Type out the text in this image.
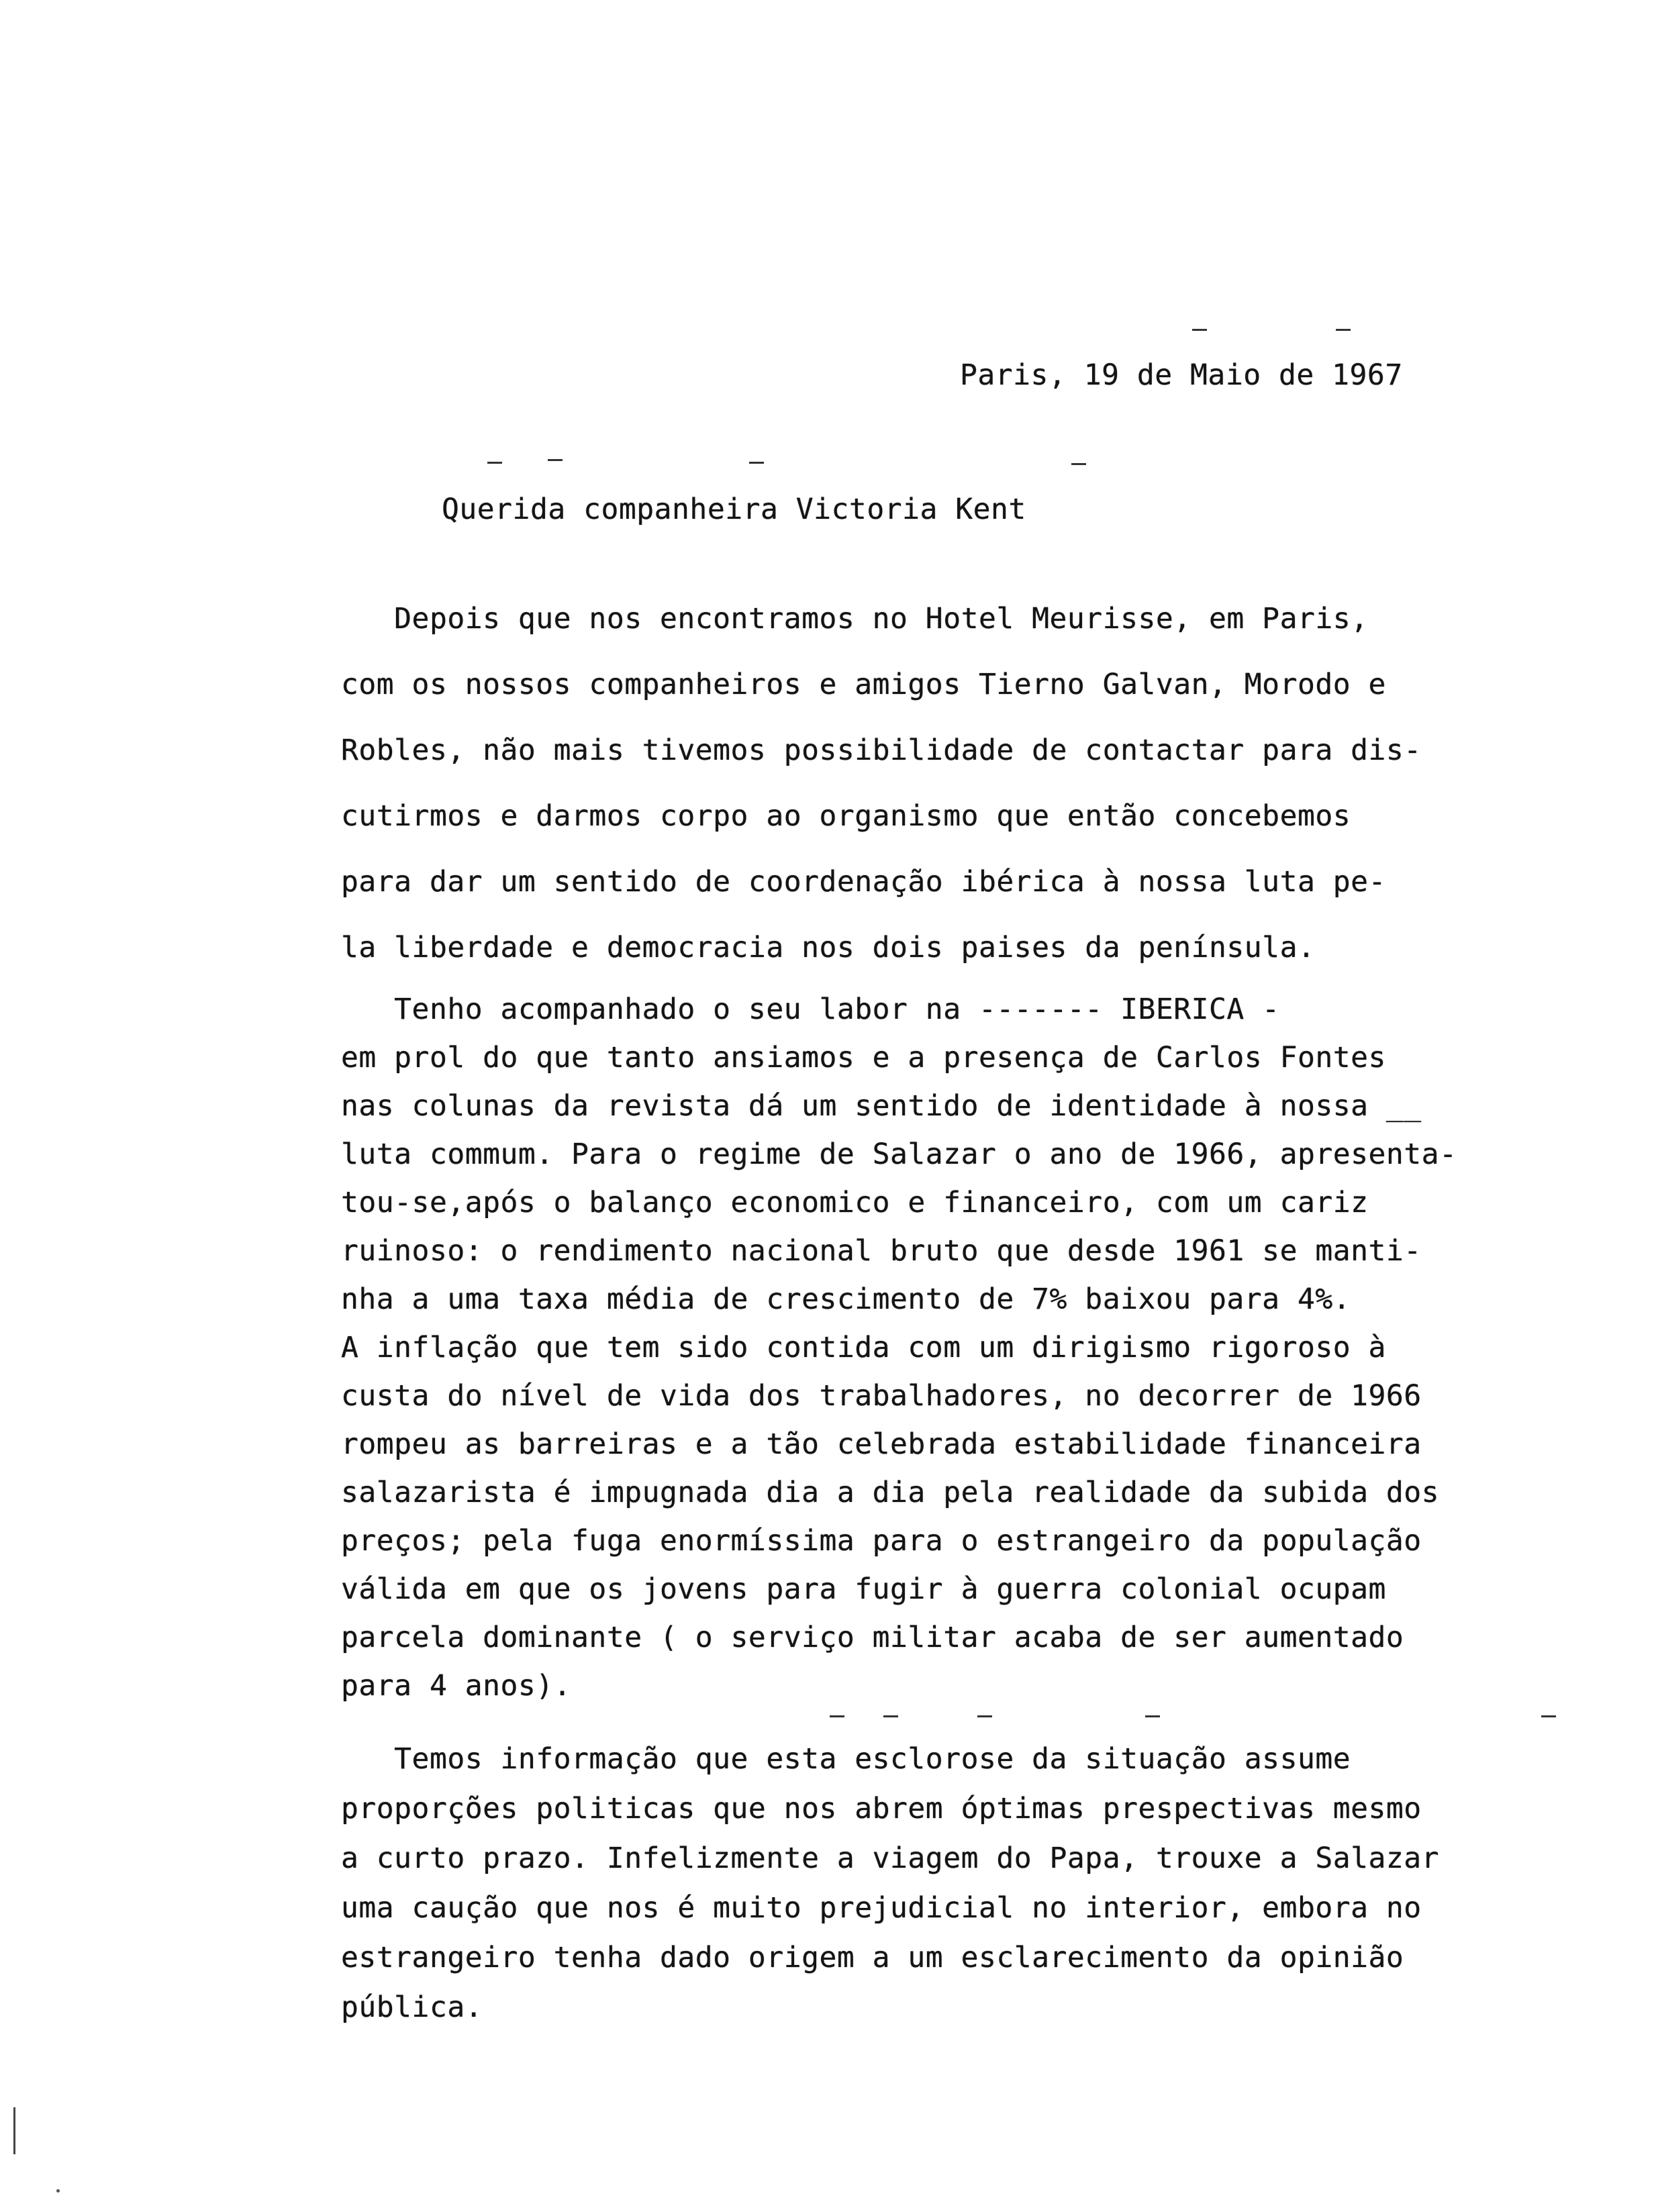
Paris, 19 de Maio de 1967
Querida companheira Victoria Kent
Depois que nos encontramos no Hotel Meurisse, em Paris,
com os nossos companheiros e amigos Tierno Galvan, Morodo e
Robles, não mais tivemos possibilidade de contactar para dis-
cutirmos e darmos corpo ao organismo que então concebemos
para dar um sentido de coordenação ibérica à nossa luta pe-
la liberdade e democracia nos dois paises da península.
Tenho acompanhado o seu labor na ------- IBERICA -
em prol do que tanto ansiamos e a presença de Carlos Fontes
nas colunas da revista dá um sentido de identidade à nossa __
luta commum. Para o regime de Salazar o ano de 1966, apresenta-
tou-se,após o balanço economico e financeiro, com um cariz
ruinoso: o rendimento nacional bruto que desde 1961 se manti-
nha a uma taxa média de crescimento de 7% baixou para 4%.
A inflação que tem sido contida com um dirigismo rigoroso à
custa do nível de vida dos trabalhadores, no decorrer de 1966
rompeu as barreiras e a tão celebrada estabilidade financeira
salazarista é impugnada dia a dia pela realidade da subida dos
preços; pela fuga enormíssima para o estrangeiro da população
válida em que os jovens para fugir à guerra colonial ocupam
parcela dominante ( o serviço militar acaba de ser aumentado
para 4 anos).
Temos informação que esta esclorose da situação assume
proporções politicas que nos abrem óptimas prespectivas mesmo
a curto prazo. Infelizmente a viagem do Papa, trouxe a Salazar
uma caução que nos é muito prejudicial no interior, embora no
estrangeiro tenha dado origem a um esclarecimento da opinião
pública.
